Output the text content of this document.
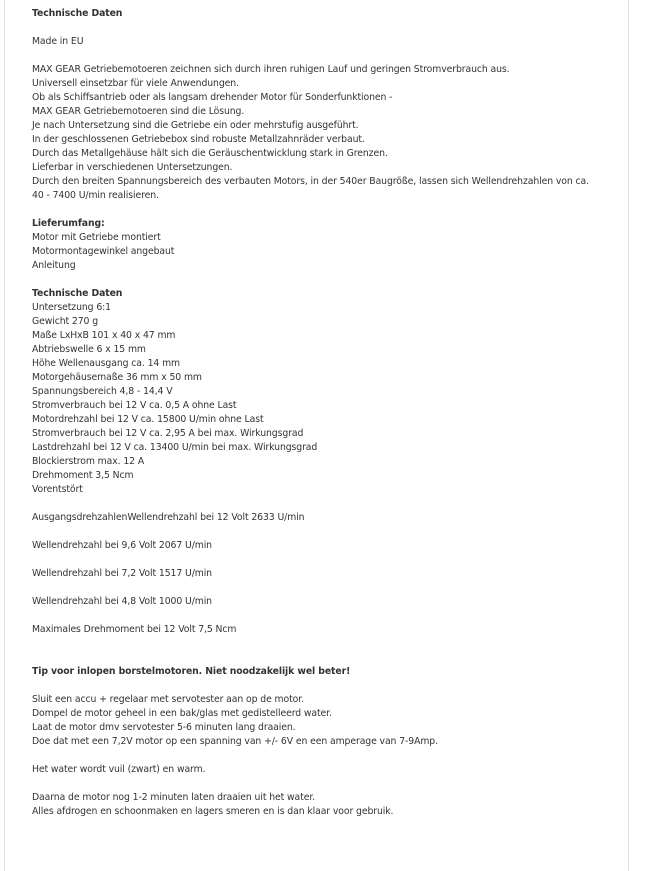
Technische Daten
Made in EU
MAX GEAR Getriebemotoeren zeichnen sich durch ihren ruhigen Lauf und geringen Stromverbrauch aus.
Universell einsetzbar für viele Anwendungen.
Ob als Schiffsantrieb oder als langsam drehender Motor für Sonderfunktionen -
MAX GEAR Getriebemotoeren sind die Lösung.
Je nach Untersetzung sind die Getriebe ein oder mehrstufig ausgeführt.
In der geschlossenen Getriebebox sind robuste Metallzahnräder verbaut.
Durch das Metallgehäuse hält sich die Geräuschentwicklung stark in Grenzen.
Lieferbar in verschiedenen Untersetzungen.
Durch den breiten Spannungsbereich des verbauten Motors, in der 540er Baugröße, lassen sich Wellendrehzahlen von ca.
40 - 7400 U/min realisieren.
Lieferumfang:
Motor mit Getriebe montiert
Motormontagewinkel angebaut
Anleitung
Technische Daten
Untersetzung 6:1
Gewicht 270 g
Maße LxHxB 101 x 40 x 47 mm
Abtriebswelle 6 x 15 mm
Höhe Wellenausgang ca. 14 mm
Motorgehäusemaße 36 mm x 50 mm
Spannungsbereich 4,8 - 14,4 V
Stromverbrauch bei 12 V ca. 0,5 A ohne Last
Motordrehzahl bei 12 V ca. 15800 U/min ohne Last
Stromverbrauch bei 12 V ca. 2,95 A bei max. Wirkungsgrad
Lastdrehzahl bei 12 V ca. 13400 U/min bei max. Wirkungsgrad
Blockierstrom max. 12 A
Drehmoment 3,5 Ncm
Vorentstört
AusgangsdrehzahlenWellendrehzahl bei 12 Volt 2633 U/min
Wellendrehzahl bei 9,6 Volt 2067 U/min
Wellendrehzahl bei 7,2 Volt 1517 U/min
Wellendrehzahl bei 4,8 Volt 1000 U/min
Maximales Drehmoment bei 12 Volt 7,5 Ncm
Tip voor inlopen borstelmotoren. Niet noodzakelijk wel beter!
Sluit een accu + regelaar met servotester aan op de motor.
Dompel de motor geheel in een bak/glas met gedistelleerd water.
Laat de motor dmv servotester 5-6 minuten lang draaien.
Doe dat met een 7,2V motor op een spanning van +/- 6V en een amperage van 7-9Amp.
Het water wordt vuil (zwart) en warm.
Daarna de motor nog 1-2 minuten laten draaien uit het water.
Alles afdrogen en schoonmaken en lagers smeren en is dan klaar voor gebruik.
